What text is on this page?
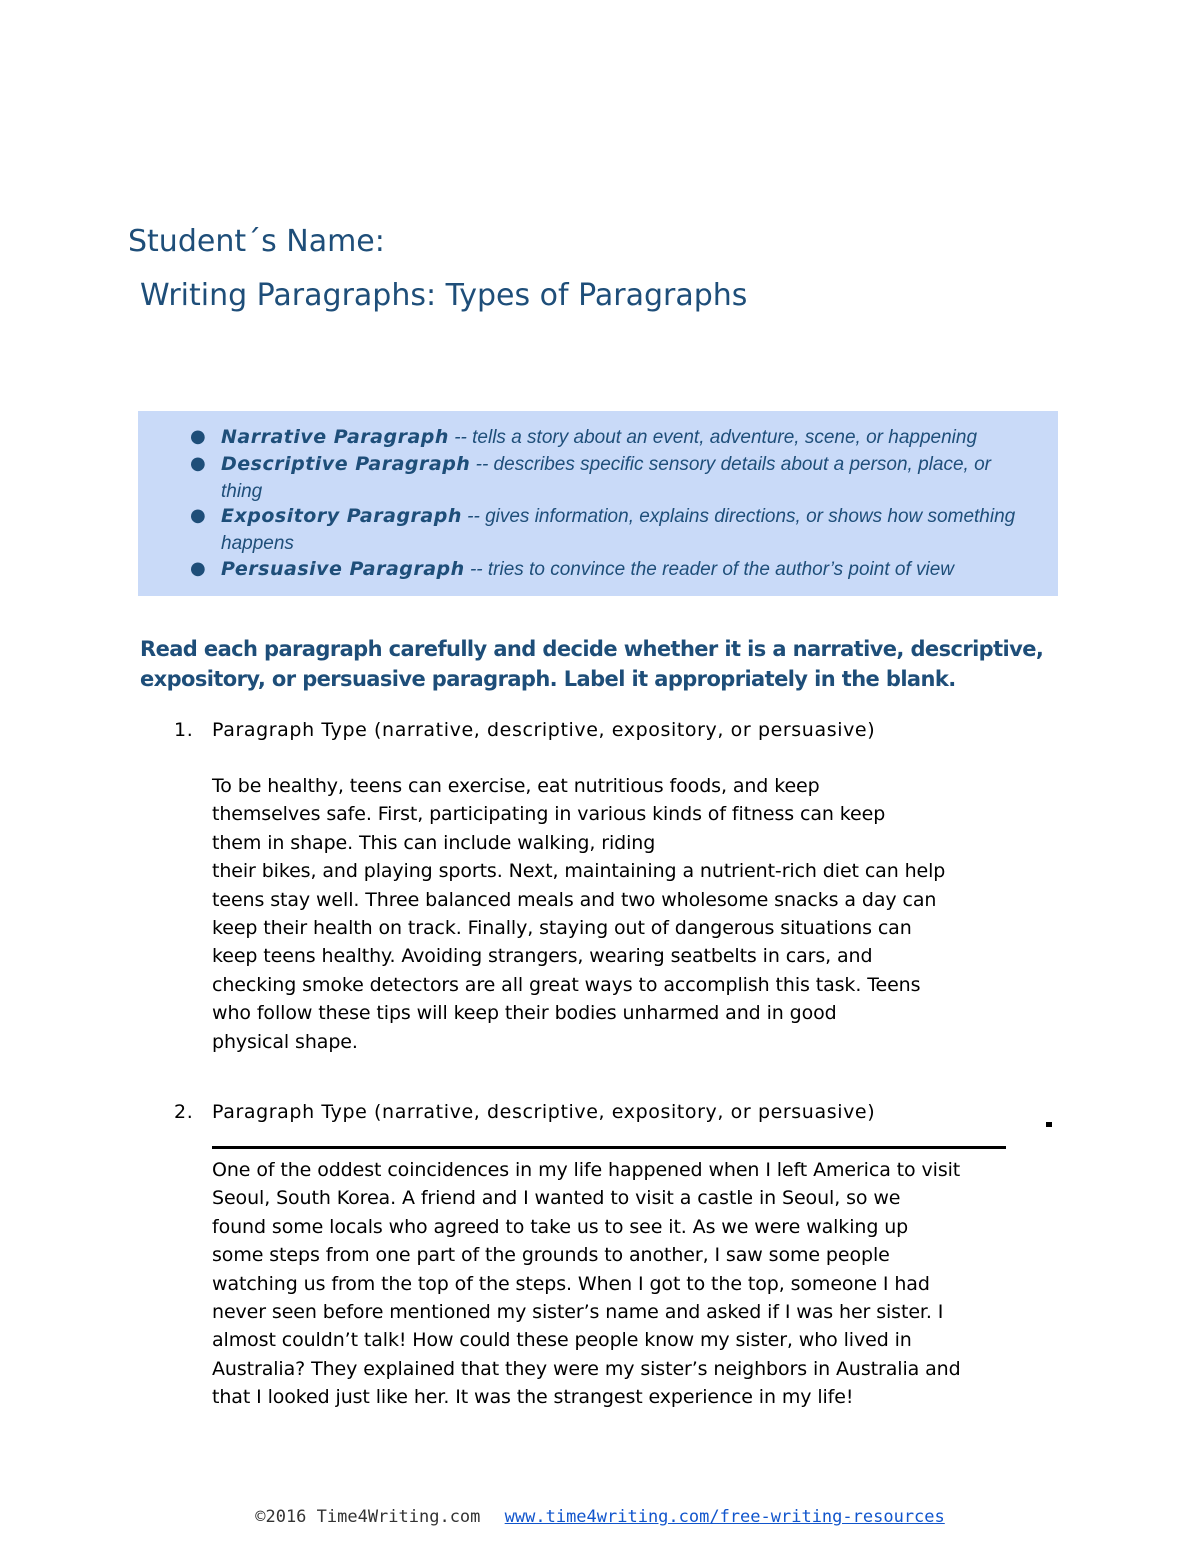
Student´s Name:
Writing Paragraphs: Types of Paragraphs
● Narrative Paragraph -- tells a story about an event, adventure, scene, or happening
● Descriptive Paragraph -- describes specific sensory details about a person, place, or thing
● Expository Paragraph -- gives information, explains directions, or shows how something happens
● Persuasive Paragraph -- tries to convince the reader of the author’s point of view
Read each paragraph carefully and decide whether it is a narrative, descriptive, expository, or persuasive paragraph. Label it appropriately in the blank.
1. Paragraph Type (narrative, descriptive, expository, or persuasive)
To be healthy, teens can exercise, eat nutritious foods, and keep
themselves safe. First, participating in various kinds of fitness can keep
them in shape. This can include walking, riding
their bikes, and playing sports. Next, maintaining a nutrient-rich diet can help
teens stay well. Three balanced meals and two wholesome snacks a day can
keep their health on track. Finally, staying out of dangerous situations can
keep teens healthy. Avoiding strangers, wearing seatbelts in cars, and
checking smoke detectors are all great ways to accomplish this task. Teens
who follow these tips will keep their bodies unharmed and in good
physical shape.
2. Paragraph Type (narrative, descriptive, expository, or persuasive)
One of the oddest coincidences in my life happened when I left America to visit
Seoul, South Korea. A friend and I wanted to visit a castle in Seoul, so we
found some locals who agreed to take us to see it. As we were walking up
some steps from one part of the grounds to another, I saw some people
watching us from the top of the steps. When I got to the top, someone I had
never seen before mentioned my sister’s name and asked if I was her sister. I
almost couldn’t talk! How could these people know my sister, who lived in
Australia? They explained that they were my sister’s neighbors in Australia and
that I looked just like her. It was the strangest experience in my life!
©2016 Time4Writing.com www.time4writing.com/free-writing-resources
